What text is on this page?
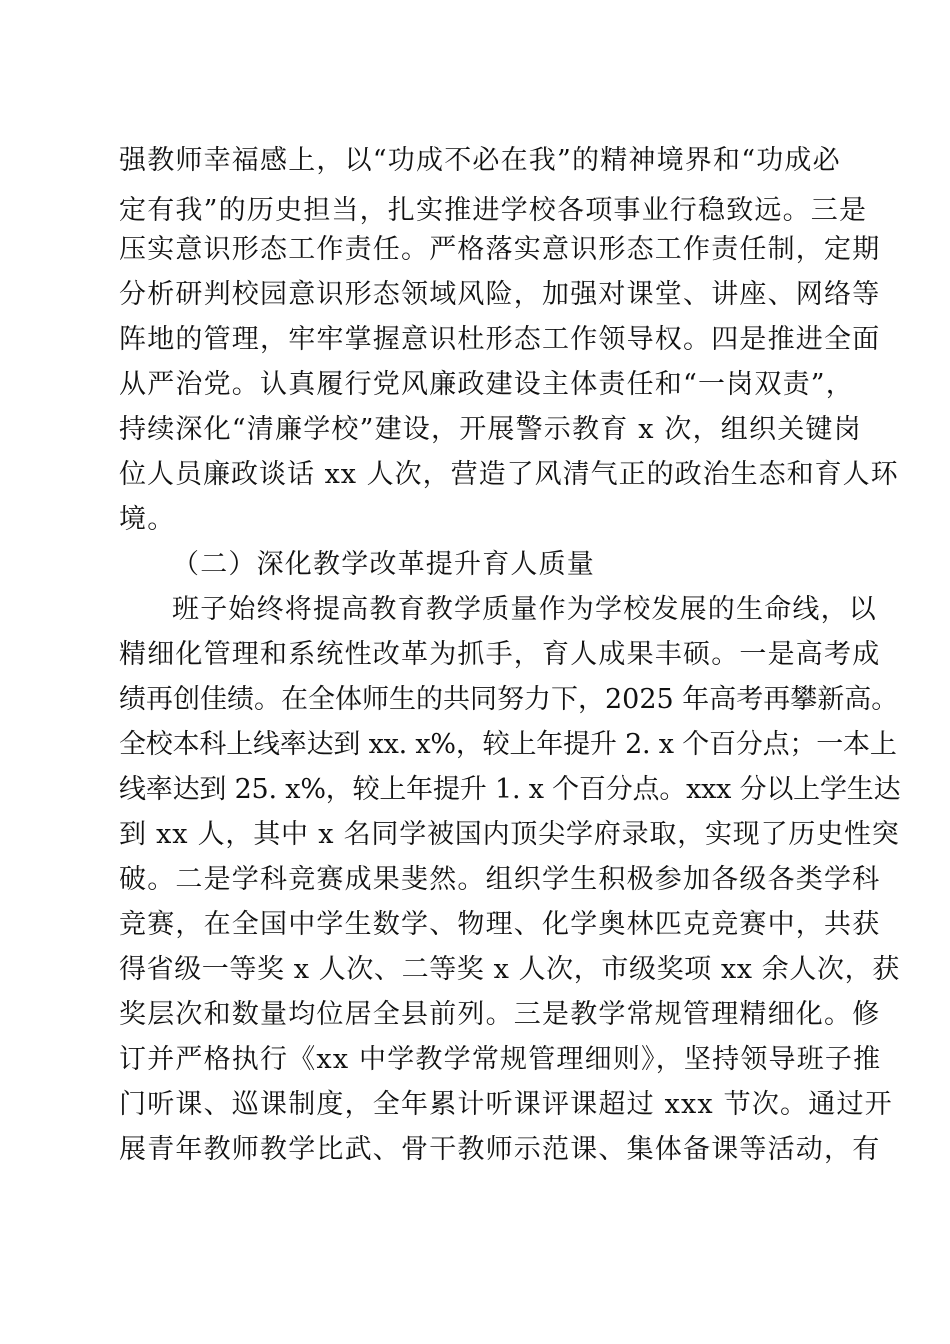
强教师幸福感上，以“功成不必在我”的精神境界和“功成必
定有我”的历史担当，扎实推进学校各项事业行稳致远。三是
压实意识形态工作责任。严格落实意识形态工作责任制，定期
分析研判校园意识形态领域风险，加强对课堂、讲座、网络等
阵地的管理，牢牢掌握意识杜形态工作领导权。四是推进全面
从严治党。认真履行党风廉政建设主体责任和“一岗双责”，
持续深化“清廉学校”建设，开展警示教育 x 次，组织关键岗
位人员廉政谈话 xx 人次，营造了风清气正的政治生态和育人环
境。
（二）深化教学改革提升育人质量
班子始终将提高教育教学质量作为学校发展的生命线，以
精细化管理和系统性改革为抓手，育人成果丰硕。一是高考成
绩再创佳绩。在全体师生的共同努力下，2025 年高考再攀新高。
全校本科上线率达到 xx. x%，较上年提升 2. x 个百分点；一本上
线率达到 25. x%，较上年提升 1. x 个百分点。xxx 分以上学生达
到 xx 人，其中 x 名同学被国内顶尖学府录取，实现了历史性突
破。二是学科竞赛成果斐然。组织学生积极参加各级各类学科
竞赛，在全国中学生数学、物理、化学奥林匹克竞赛中，共获
得省级一等奖 x 人次、二等奖 x 人次，市级奖项 xx 余人次，获
奖层次和数量均位居全县前列。三是教学常规管理精细化。修
订并严格执行《xx 中学教学常规管理细则》，坚持领导班子推
门听课、巡课制度，全年累计听课评课超过 xxx 节次。通过开
展青年教师教学比武、骨干教师示范课、集体备课等活动，有
